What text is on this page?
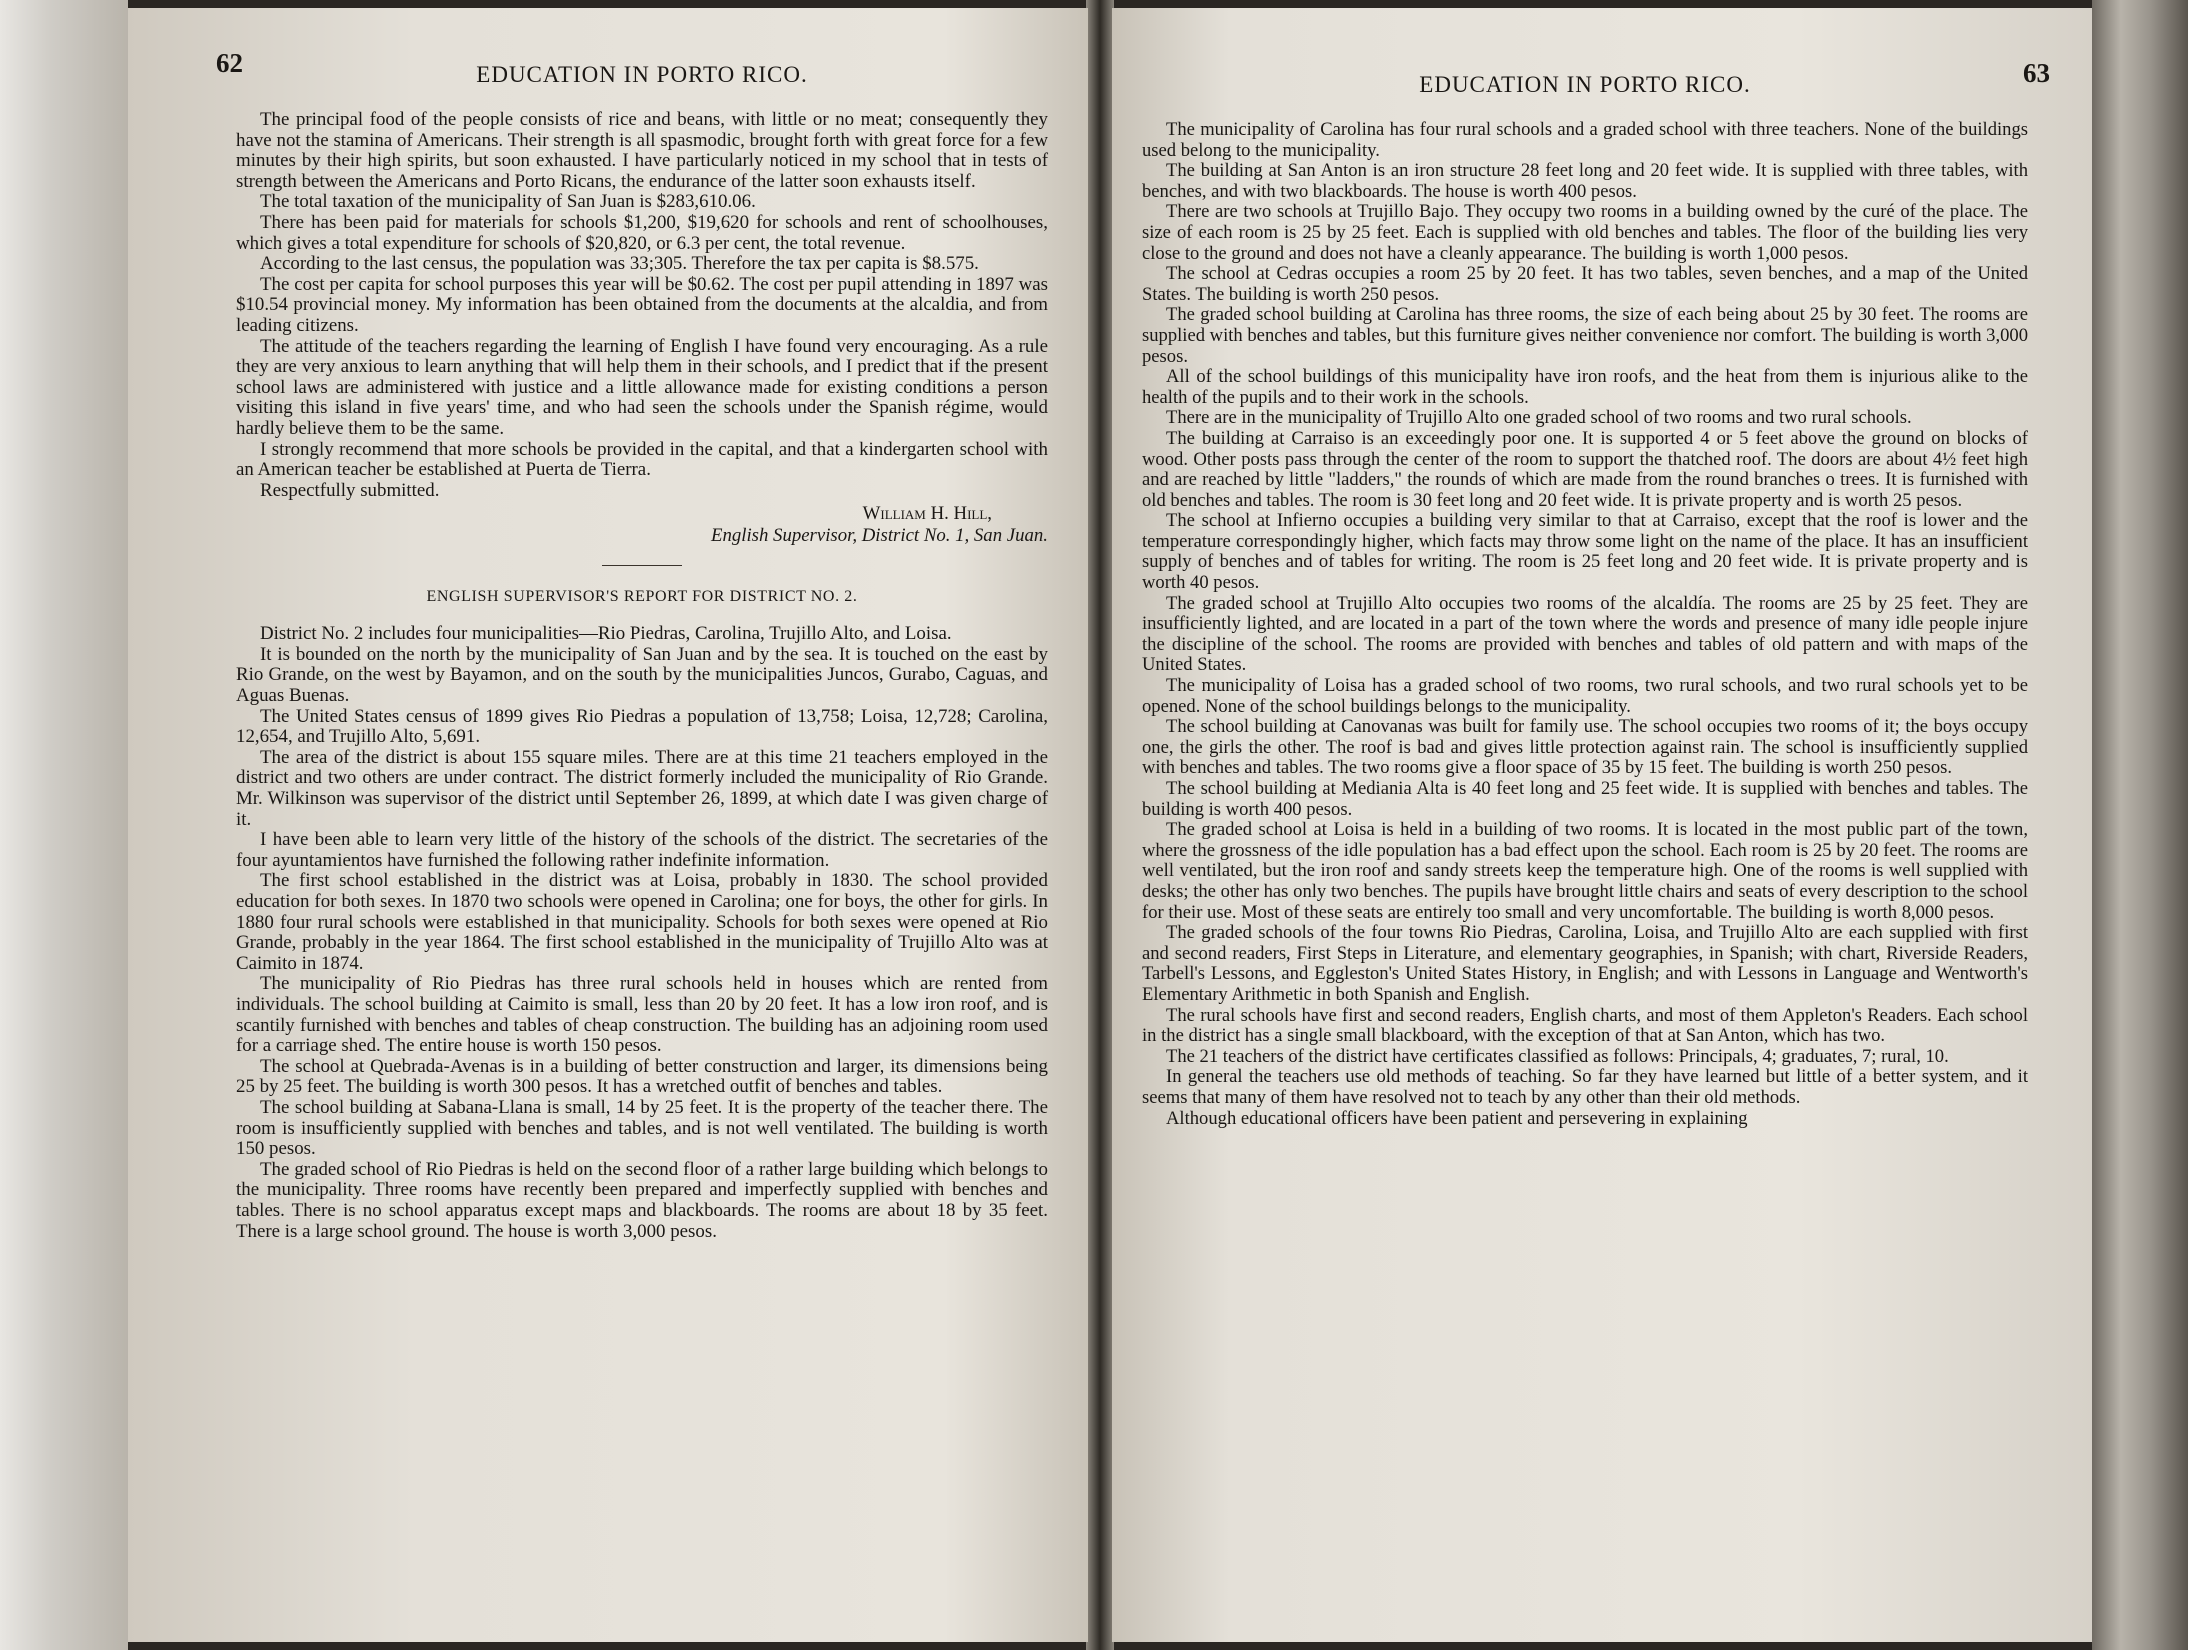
62	EDUCATION IN PORTO RICO.

The principal food of the people consists of rice and beans, with little or no meat; consequently they have not the stamina of Americans. Their strength is all spasmodic, brought forth with great force for a few minutes by their high spirits, but soon exhausted. I have particularly noticed in my school that in tests of strength between the Americans and Porto Ricans, the endurance of the latter soon exhausts itself.

The total taxation of the municipality of San Juan is $283,610.06.

There has been paid for materials for schools $1,200, $19,620 for schools and rent of schoolhouses, which gives a total expenditure for schools of $20,820, or 6.3 per cent, the total revenue.

According to the last census, the population was 33;305. Therefore the tax per capita is $8.575.

The cost per capita for school purposes this year will be $0.62. The cost per pupil attending in 1897 was $10.54 provincial money. My information has been obtained from the documents at the alcaldia, and from leading citizens.

The attitude of the teachers regarding the learning of English I have found very encouraging. As a rule they are very anxious to learn anything that will help them in their schools, and I predict that if the present school laws are administered with justice and a little allowance made for existing conditions a person visiting this island in five years' time, and who had seen the schools under the Spanish régime, would hardly believe them to be the same.

I strongly recommend that more schools be provided in the capital, and that a kindergarten school with an American teacher be established at Puerta de Tierra.

Respectfully submitted.

William H. Hill,
English Supervisor, District No. 1, San Juan.
ENGLISH SUPERVISOR'S REPORT FOR DISTRICT NO. 2.

District No. 2 includes four municipalities—Rio Piedras, Carolina, Trujillo Alto, and Loisa.

It is bounded on the north by the municipality of San Juan and by the sea. It is touched on the east by Rio Grande, on the west by Bayamon, and on the south by the municipalities Juncos, Gurabo, Caguas, and Aguas Buenas.

The United States census of 1899 gives Rio Piedras a population of 13,758; Loisa, 12,728; Carolina, 12,654, and Trujillo Alto, 5,691.

The area of the district is about 155 square miles. There are at this time 21 teachers employed in the district and two others are under contract. The district formerly included the municipality of Rio Grande. Mr. Wilkinson was supervisor of the district until September 26, 1899, at which date I was given charge of it.

I have been able to learn very little of the history of the schools of the district. The secretaries of the four ayuntamientos have furnished the following rather indefinite information.

The first school established in the district was at Loisa, probably in 1830. The school provided education for both sexes. In 1870 two schools were opened in Carolina; one for boys, the other for girls. In 1880 four rural schools were established in that municipality. Schools for both sexes were opened at Rio Grande, probably in the year 1864. The first school established in the municipality of Trujillo Alto was at Caimito in 1874.

The municipality of Rio Piedras has three rural schools held in houses which are rented from individuals. The school building at Caimito is small, less than 20 by 20 feet. It has a low iron roof, and is scantily furnished with benches and tables of cheap construction. The building has an adjoining room used for a carriage shed. The entire house is worth 150 pesos.

The school at Quebrada-Avenas is in a building of better construction and larger, its dimensions being 25 by 25 feet. The building is worth 300 pesos. It has a wretched outfit of benches and tables.

The school building at Sabana-Llana is small, 14 by 25 feet. It is the property of the teacher there. The room is insufficiently supplied with benches and tables, and is not well ventilated. The building is worth 150 pesos.

The graded school of Rio Piedras is held on the second floor of a rather large building which belongs to the municipality. Three rooms have recently been prepared and imperfectly supplied with benches and tables. There is no school apparatus except maps and blackboards. The rooms are about 18 by 35 feet. There is a large school ground. The house is worth 3,000 pesos.

EDUCATION IN PORTO RICO.	63

The municipality of Carolina has four rural schools and a graded school with three teachers. None of the buildings used belong to the municipality.

The building at San Anton is an iron structure 28 feet long and 20 feet wide. It is supplied with three tables, with benches, and with two blackboards. The house is worth 400 pesos.

There are two schools at Trujillo Bajo. They occupy two rooms in a building owned by the curé of the place. The size of each room is 25 by 25 feet. Each is supplied with old benches and tables. The floor of the building lies very close to the ground and does not have a cleanly appearance. The building is worth 1,000 pesos.

The school at Cedras occupies a room 25 by 20 feet. It has two tables, seven benches, and a map of the United States. The building is worth 250 pesos.

The graded school building at Carolina has three rooms, the size of each being about 25 by 30 feet. The rooms are supplied with benches and tables, but this furniture gives neither convenience nor comfort. The building is worth 3,000 pesos.

All of the school buildings of this municipality have iron roofs, and the heat from them is injurious alike to the health of the pupils and to their work in the schools.

There are in the municipality of Trujillo Alto one graded school of two rooms and two rural schools.

The building at Carraiso is an exceedingly poor one. It is supported 4 or 5 feet above the ground on blocks of wood. Other posts pass through the center of the room to support the thatched roof. The doors are about 4½ feet high and are reached by little "ladders," the rounds of which are made from the round branches o trees. It is furnished with old benches and tables. The room is 30 feet long and 20 feet wide. It is private property and is worth 25 pesos.

The school at Infierno occupies a building very similar to that at Carraiso, except that the roof is lower and the temperature correspondingly higher, which facts may throw some light on the name of the place. It has an insufficient supply of benches and of tables for writing. The room is 25 feet long and 20 feet wide. It is private property and is worth 40 pesos.

The graded school at Trujillo Alto occupies two rooms of the alcaldía. The rooms are 25 by 25 feet. They are insufficiently lighted, and are located in a part of the town where the words and presence of many idle people injure the discipline of the school. The rooms are provided with benches and tables of old pattern and with maps of the United States.

The municipality of Loisa has a graded school of two rooms, two rural schools, and two rural schools yet to be opened. None of the school buildings belongs to the municipality.

The school building at Canovanas was built for family use. The school occupies two rooms of it; the boys occupy one, the girls the other. The roof is bad and gives little protection against rain. The school is insufficiently supplied with benches and tables. The two rooms give a floor space of 35 by 15 feet. The building is worth 250 pesos.

The school building at Mediania Alta is 40 feet long and 25 feet wide. It is supplied with benches and tables. The building is worth 400 pesos.

The graded school at Loisa is held in a building of two rooms. It is located in the most public part of the town, where the grossness of the idle population has a bad effect upon the school. Each room is 25 by 20 feet. The rooms are well ventilated, but the iron roof and sandy streets keep the temperature high. One of the rooms is well supplied with desks; the other has only two benches. The pupils have brought little chairs and seats of every description to the school for their use. Most of these seats are entirely too small and very uncomfortable. The building is worth 8,000 pesos.

The graded schools of the four towns Rio Piedras, Carolina, Loisa, and Trujillo Alto are each supplied with first and second readers, First Steps in Literature, and elementary geographies, in Spanish; with chart, Riverside Readers, Tarbell's Lessons, and Eggleston's United States History, in English; and with Lessons in Language and Wentworth's Elementary Arithmetic in both Spanish and English.

The rural schools have first and second readers, English charts, and most of them Appleton's Readers. Each school in the district has a single small blackboard, with the exception of that at San Anton, which has two.

The 21 teachers of the district have certificates classified as follows: Principals, 4; graduates, 7; rural, 10.

In general the teachers use old methods of teaching. So far they have learned but little of a better system, and it seems that many of them have resolved not to teach by any other than their old methods.

Although educational officers have been patient and persevering in explaining
